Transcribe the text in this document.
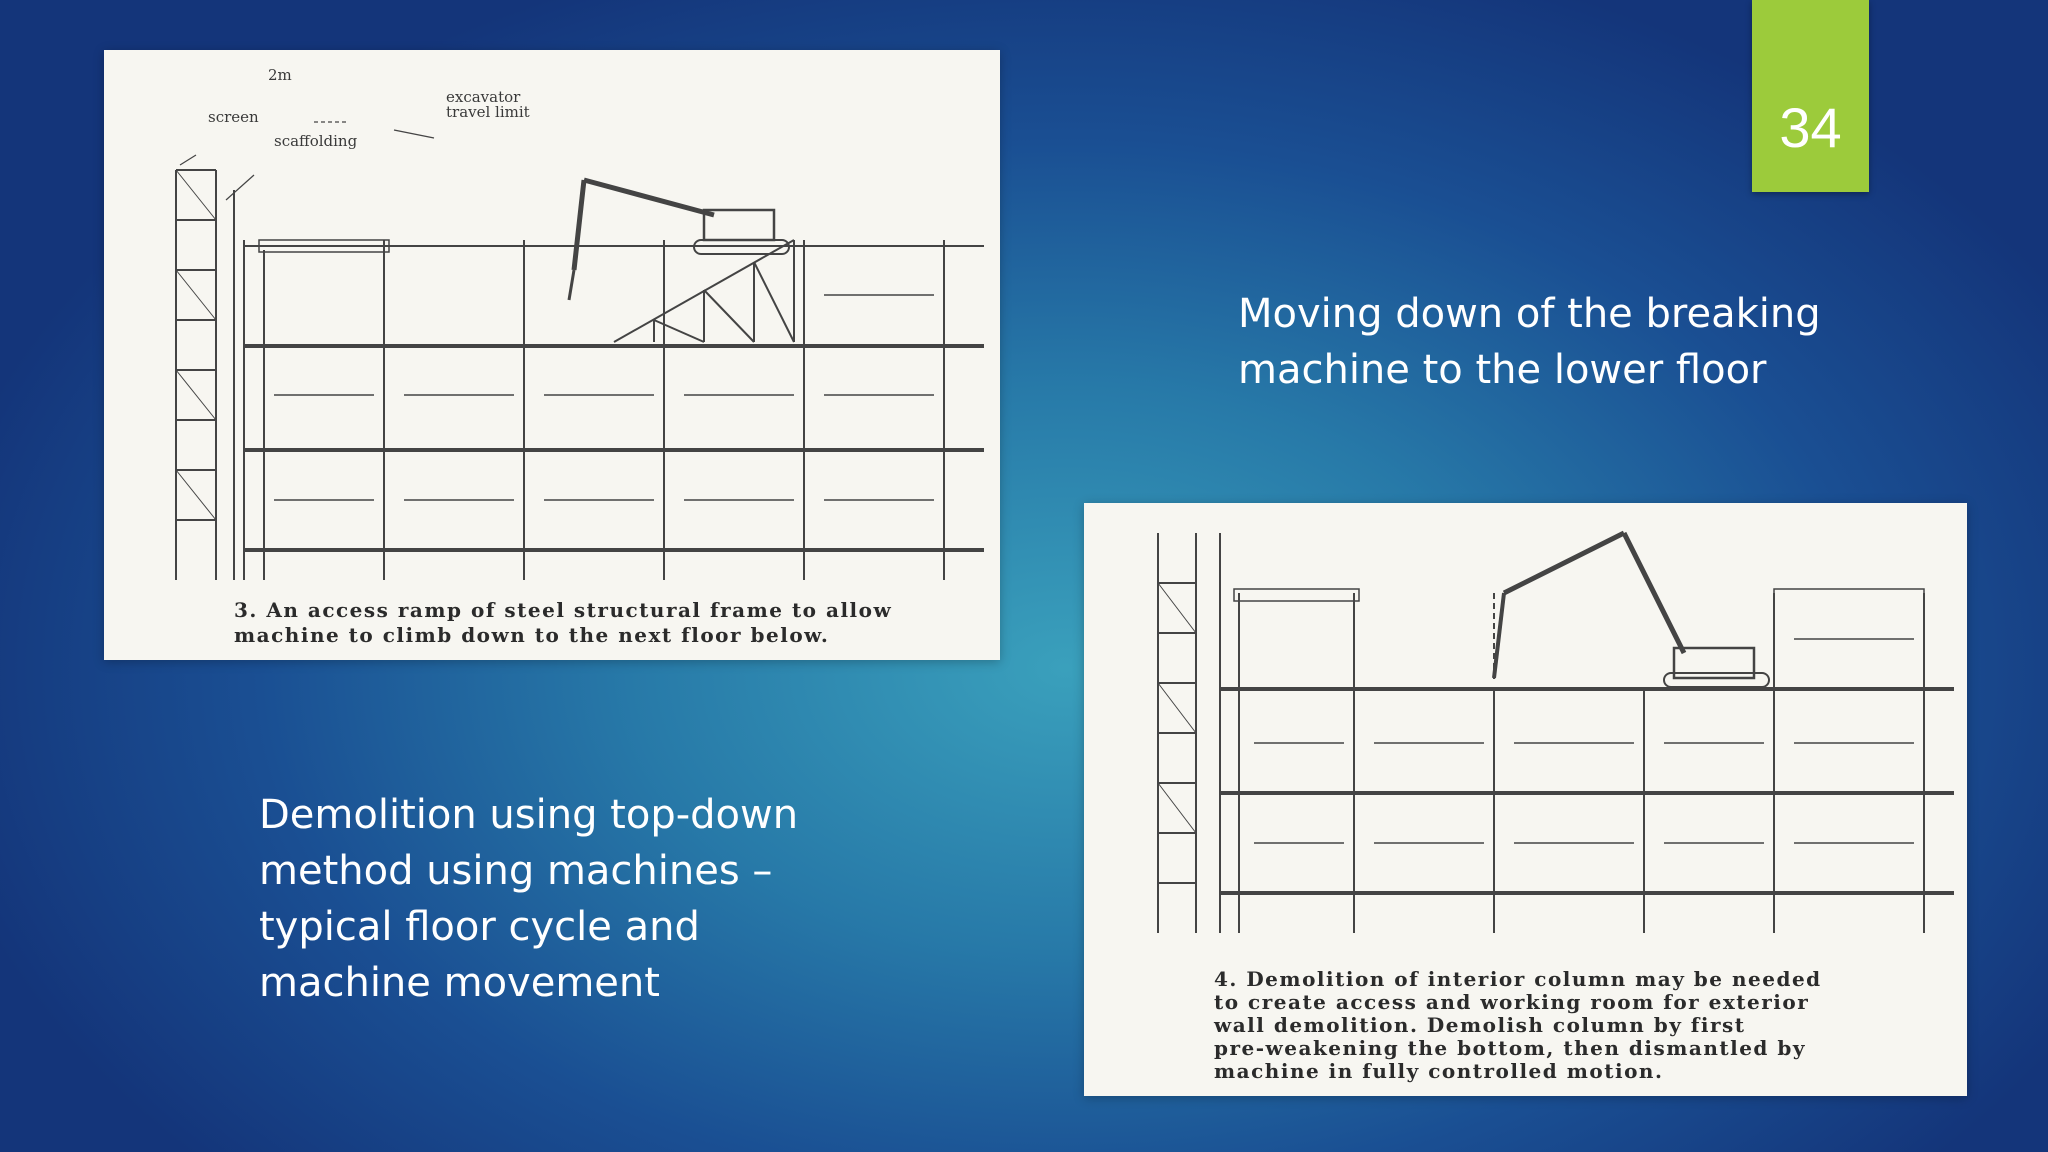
34

2m

screen

scaffolding

excavator
travel limit

3. An access ramp of steel structural frame to allow
machine to climb down to the next floor below.

4. Demolition of interior column may be needed
to create access and working room for exterior
wall demolition. Demolish column by first
pre-weakening the bottom, then dismantled by
machine in fully controlled motion.

Moving down of the breaking
machine to the lower floor

Demolition using top-down
method using machines –
typical floor cycle and
machine movement
